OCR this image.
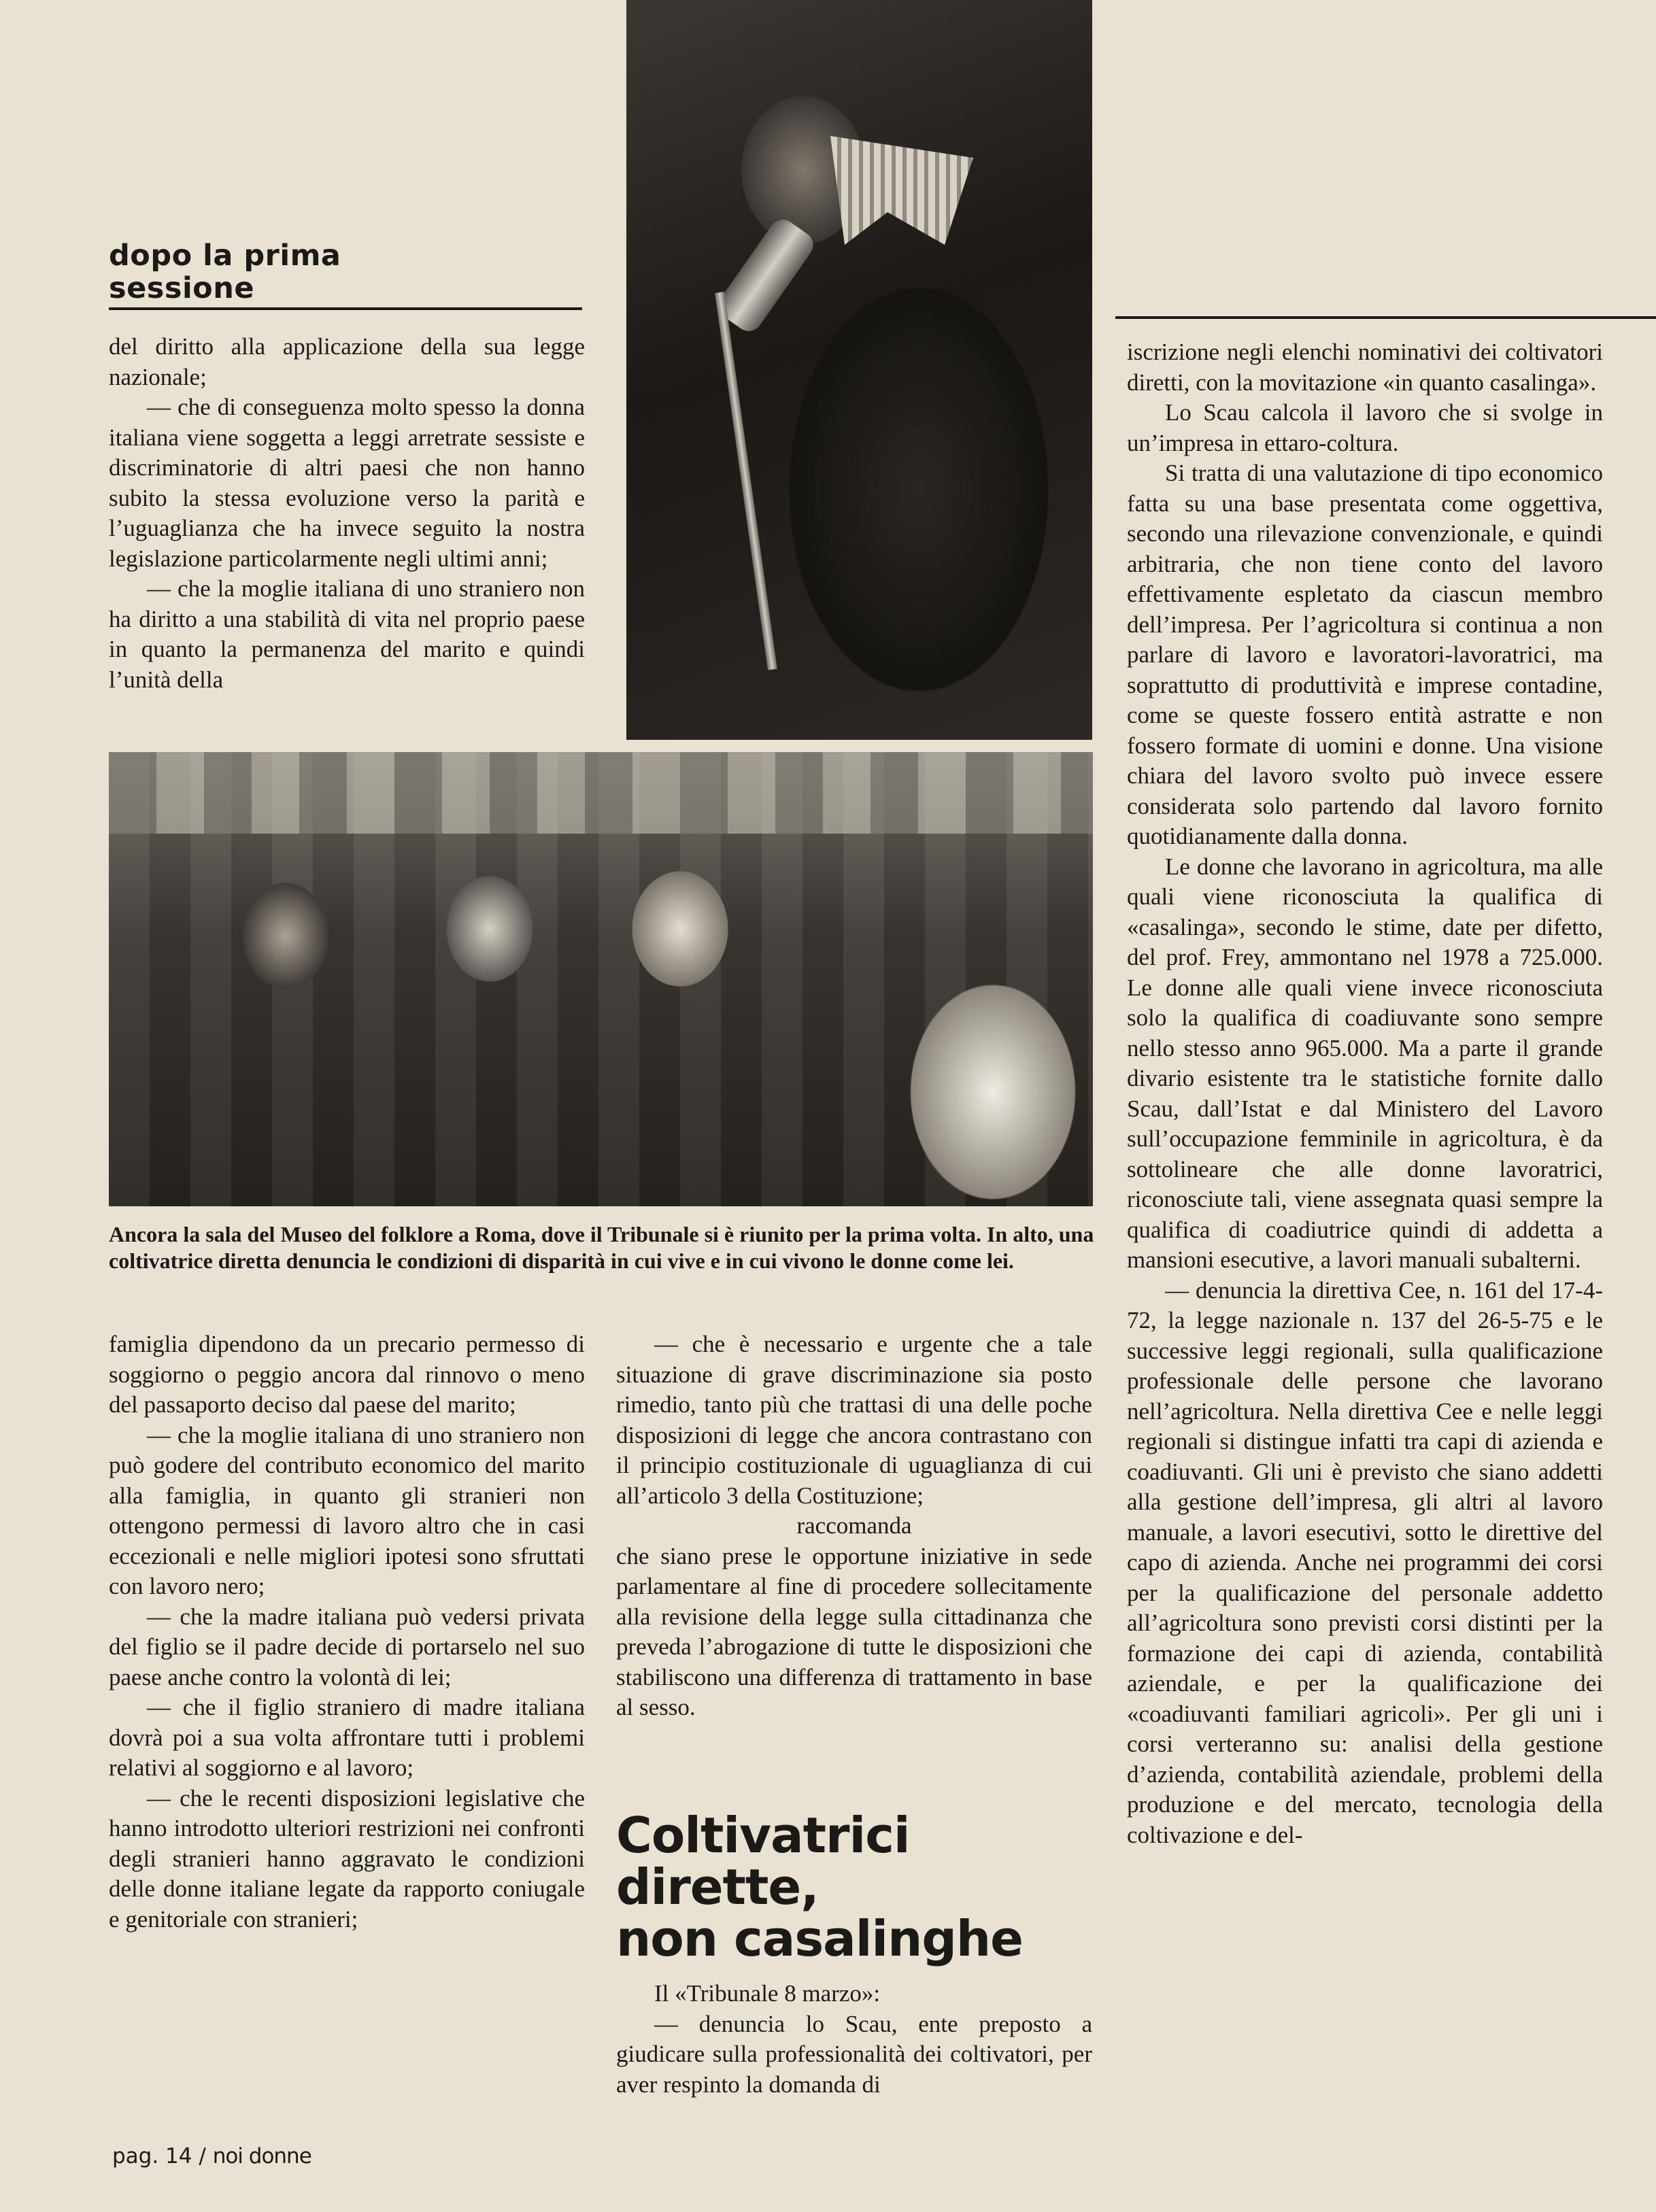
dopo la prima
sessione

del diritto alla applicazione della sua legge nazionale;

— che di conseguenza molto spesso la donna italiana viene soggetta a leggi arretrate sessiste e discriminatorie di altri paesi che non hanno subito la stessa evoluzione verso la parità e l’uguaglianza che ha invece seguito la nostra legislazione particolarmente negli ultimi anni;

— che la moglie italiana di uno straniero non ha diritto a una stabilità di vita nel proprio paese in quanto la permanenza del marito e quindi l’unità della

Ancora la sala del Museo del folklore a Roma, dove il Tribunale si è riunito per la prima volta. In alto, una coltivatrice diretta denuncia le condizioni di disparità in cui vive e in cui vivono le donne come lei.

famiglia dipendono da un precario permesso di soggiorno o peggio ancora dal rinnovo o meno del passaporto deciso dal paese del marito;

— che la moglie italiana di uno straniero non può godere del contributo economico del marito alla famiglia, in quanto gli stranieri non ottengono permessi di lavoro altro che in casi eccezionali e nelle migliori ipotesi sono sfruttati con lavoro nero;

— che la madre italiana può vedersi privata del figlio se il padre decide di portarselo nel suo paese anche contro la volontà di lei;

— che il figlio straniero di madre italiana dovrà poi a sua volta affrontare tutti i problemi relativi al soggiorno e al lavoro;

— che le recenti disposizioni legislative che hanno introdotto ulteriori restrizioni nei confronti degli stranieri hanno aggravato le condizioni delle donne italiane legate da rapporto coniugale e genitoriale con stranieri;

— che è necessario e urgente che a tale situazione di grave discriminazione sia posto rimedio, tanto più che trattasi di una delle poche disposizioni di legge che ancora contrastano con il principio costituzionale di uguaglianza di cui all’articolo 3 della Costituzione;

raccomanda

che siano prese le opportune iniziative in sede parlamentare al fine di procedere sollecitamente alla revisione della legge sulla cittadinanza che preveda l’abrogazione di tutte le disposizioni che stabiliscono una differenza di trattamento in base al sesso.

Coltivatrici
dirette,
non casalinghe

Il «Tribunale 8 marzo»:

— denuncia lo Scau, ente preposto a giudicare sulla professionalità dei coltivatori, per aver respinto la domanda di

iscrizione negli elenchi nominativi dei coltivatori diretti, con la movitazione «in quanto casalinga».

Lo Scau calcola il lavoro che si svolge in un’impresa in ettaro-coltura.

Si tratta di una valutazione di tipo economico fatta su una base presentata come oggettiva, secondo una rilevazione convenzionale, e quindi arbitraria, che non tiene conto del lavoro effettivamente espletato da ciascun membro dell’impresa. Per l’agricoltura si continua a non parlare di lavoro e lavoratori-lavoratrici, ma soprattutto di produttività e imprese contadine, come se queste fossero entità astratte e non fossero formate di uomini e donne. Una visione chiara del lavoro svolto può invece essere considerata solo partendo dal lavoro fornito quotidianamente dalla donna.

Le donne che lavorano in agricoltura, ma alle quali viene riconosciuta la qualifica di «casalinga», secondo le stime, date per difetto, del prof. Frey, ammontano nel 1978 a 725.000. Le donne alle quali viene invece riconosciuta solo la qualifica di coadiuvante sono sempre nello stesso anno 965.000. Ma a parte il grande divario esistente tra le statistiche fornite dallo Scau, dall’Istat e dal Ministero del Lavoro sull’occupazione femminile in agricoltura, è da sottolineare che alle donne lavoratrici, riconosciute tali, viene assegnata quasi sempre la qualifica di coadiutrice quindi di addetta a mansioni esecutive, a lavori manuali subalterni.

— denuncia la direttiva Cee, n. 161 del 17-4-72, la legge nazionale n. 137 del 26-5-75 e le successive leggi regionali, sulla qualificazione professionale delle persone che lavorano nell’agricoltura. Nella direttiva Cee e nelle leggi regionali si distingue infatti tra capi di azienda e coadiuvanti. Gli uni è previsto che siano addetti alla gestione dell’impresa, gli altri al lavoro manuale, a lavori esecutivi, sotto le direttive del capo di azienda. Anche nei programmi dei corsi per la qualificazione del personale addetto all’agricoltura sono previsti corsi distinti per la formazione dei capi di azienda, contabilità aziendale, e per la qualificazione dei «coadiuvanti familiari agricoli». Per gli uni i corsi verteranno su: analisi della gestione d’azienda, contabilità aziendale, problemi della produzione e del mercato, tecnologia della coltivazione e del-

pag. 14 / noi donne
